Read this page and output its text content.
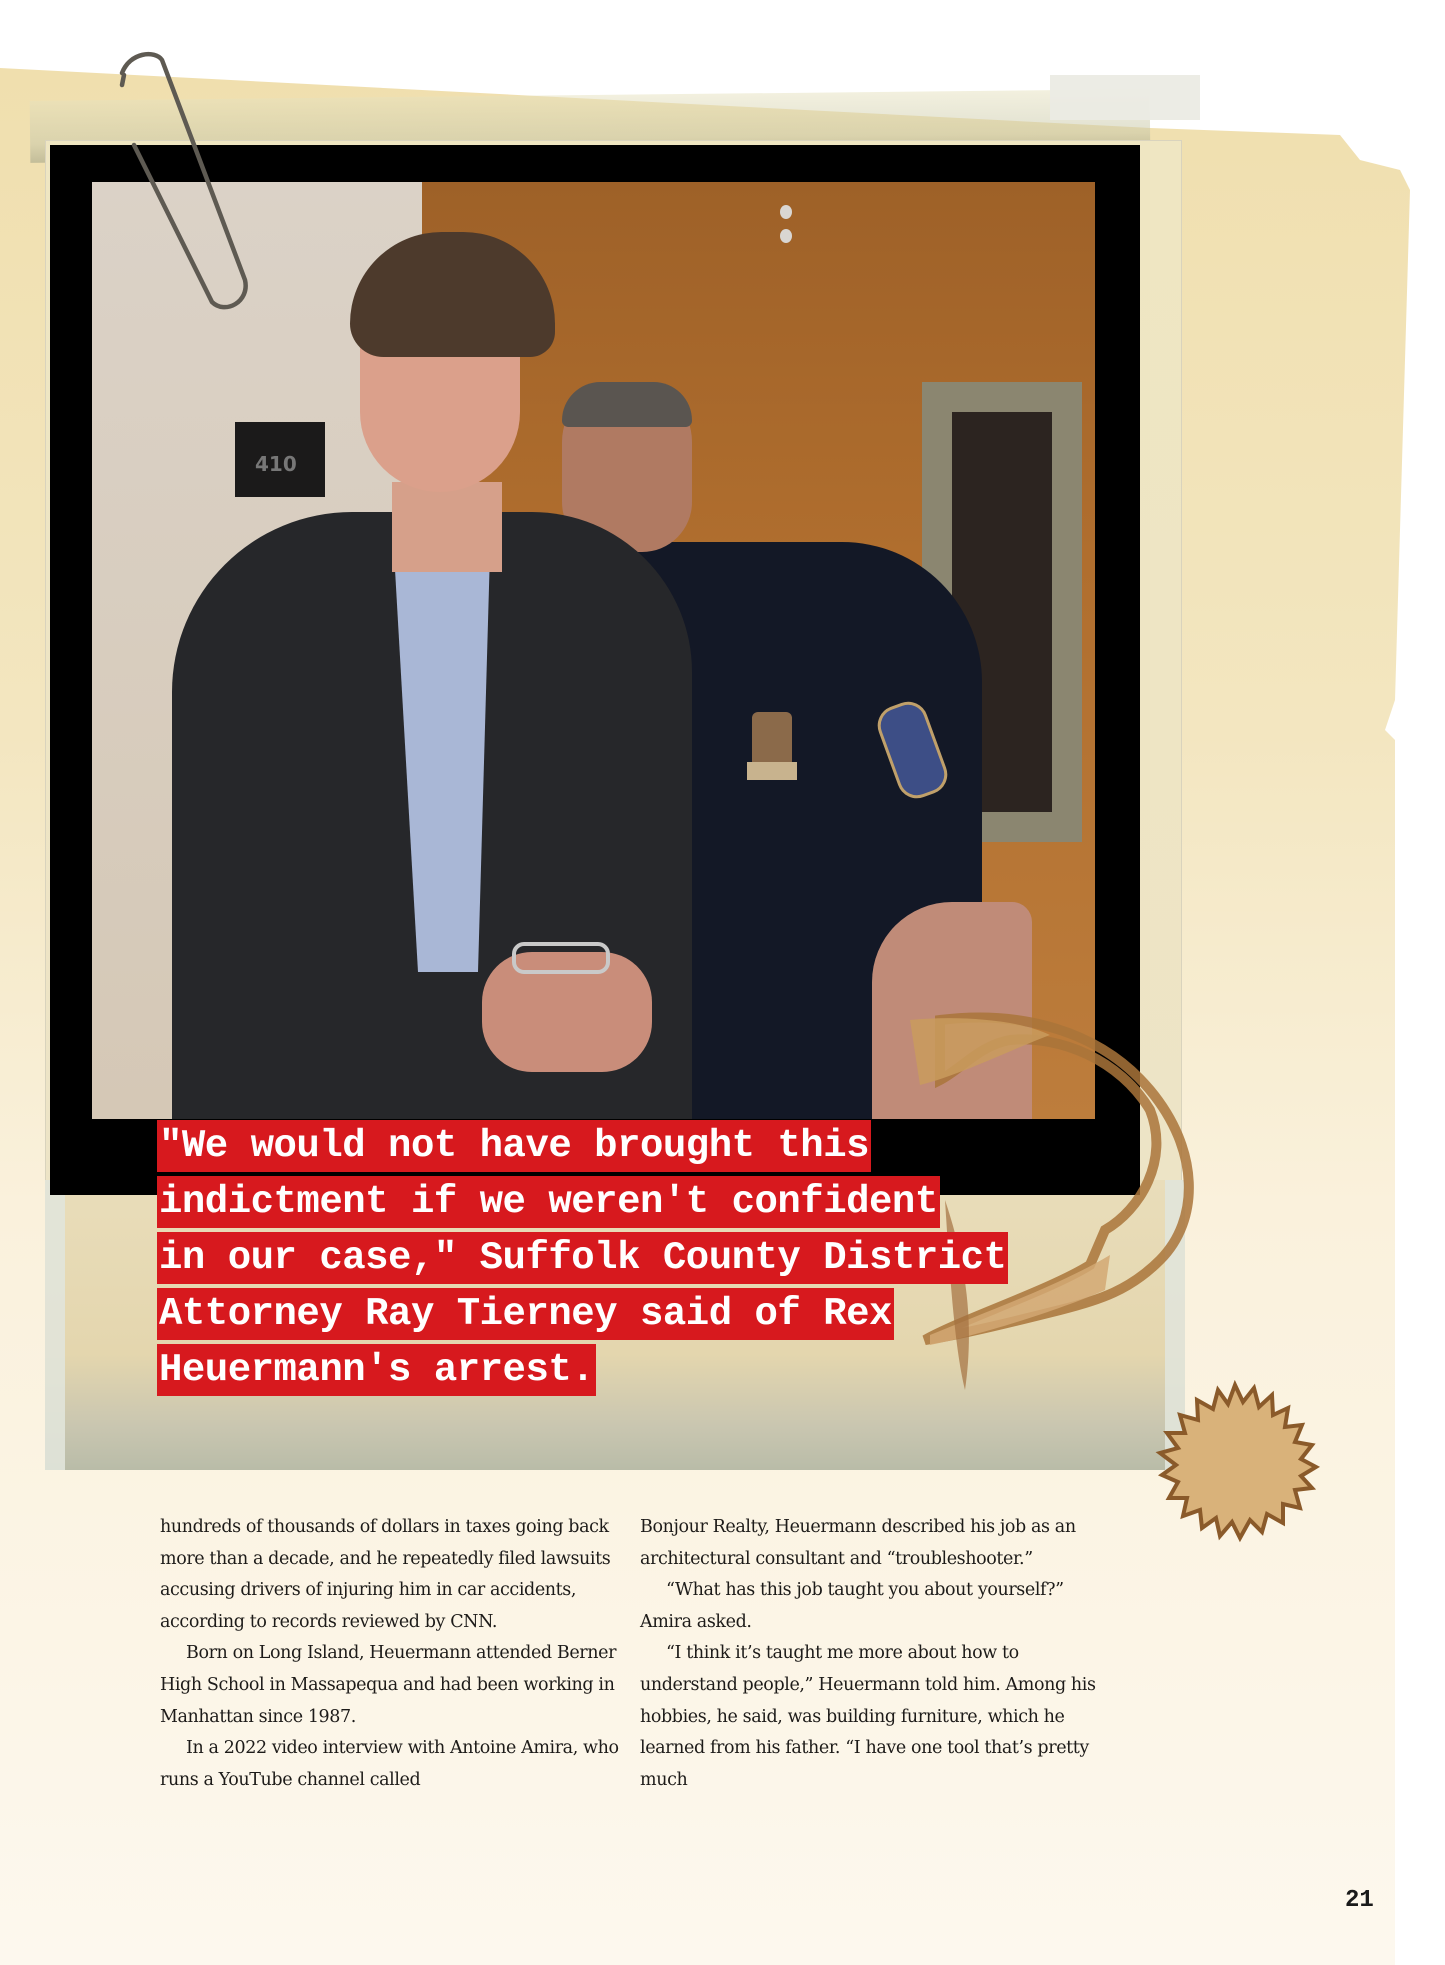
410
"We would not have brought this
indictment if we weren't confident
in our case," Suffolk County District
Attorney Ray Tierney said of Rex
Heuermann's arrest.

hundreds of thousands of dollars in taxes going back more than a decade, and he repeatedly filed lawsuits accusing drivers of injuring him in car accidents, according to records reviewed by CNN.

Born on Long Island, Heuermann attended Berner High School in Massapequa and had been working in Manhattan since 1987.

In a 2022 video interview with Antoine Amira, who runs a YouTube channel called

Bonjour Realty, Heuermann described his job as an architectural consultant and “troubleshooter.”

“What has this job taught you about yourself?” Amira asked.

“I think it’s taught me more about how to understand people,” Heuermann told him. Among his hobbies, he said, was building furniture, which he learned from his father. “I have one tool that’s pretty much

21
